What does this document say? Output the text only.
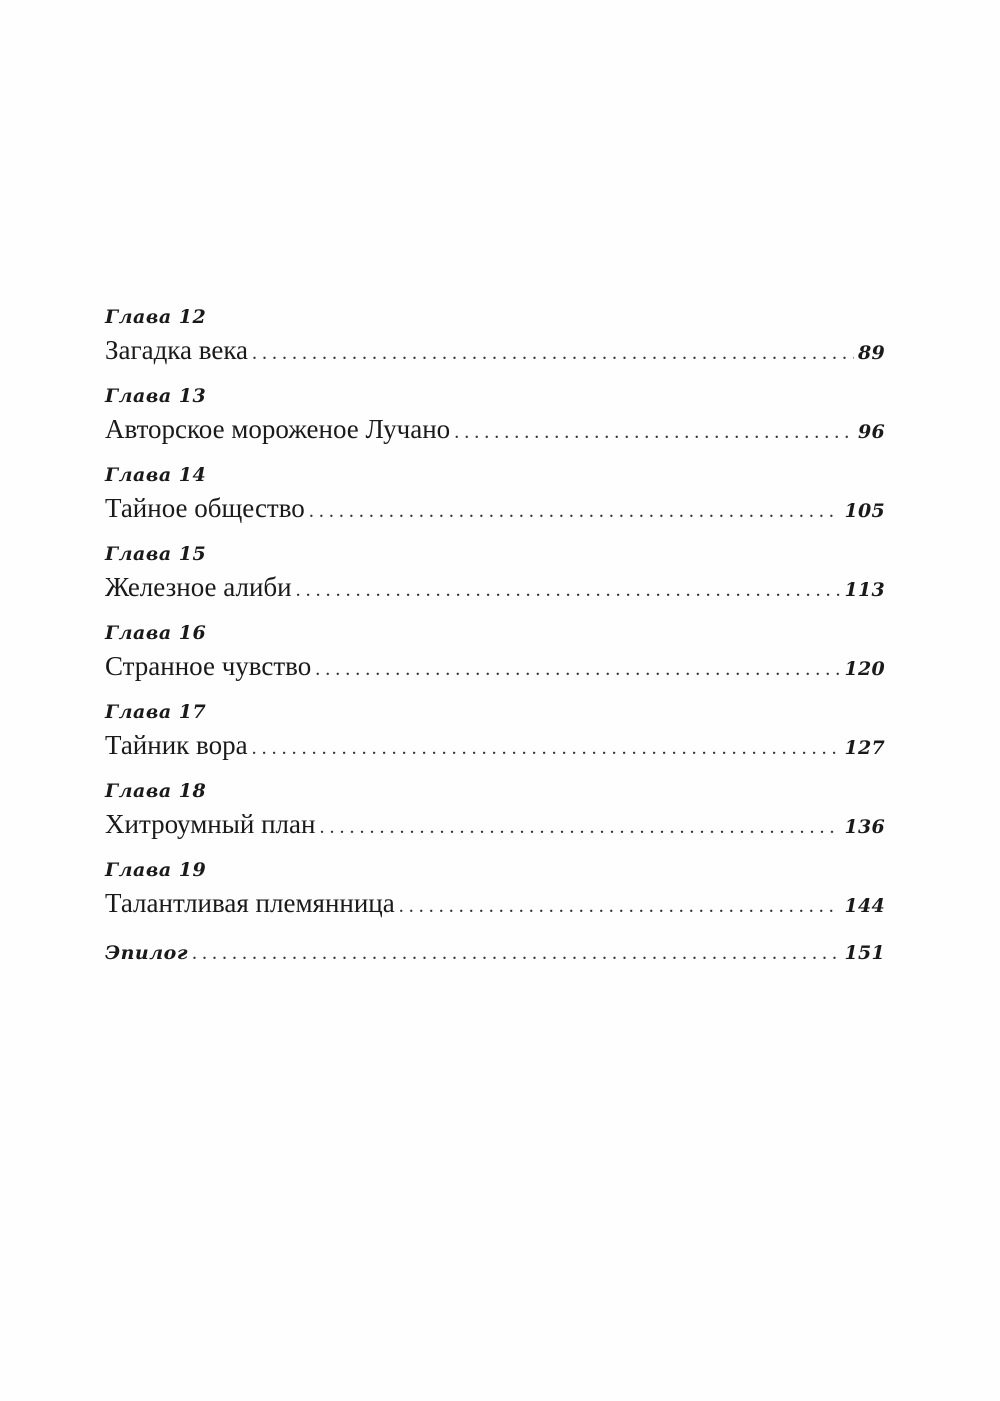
Глава 12
Загадка века . . .	89
Глава 13
Авторское мороженое Лучано . . .	96
Глава 14
Тайное общество . . .	105
Глава 15
Железное алиби . . .	113
Глава 16
Странное чувство . . .	120
Глава 17
Тайник вора . . .	127
Глава 18
Хитроумный план . . .	136
Глава 19
Талантливая племянница . . .	144
Эпилог . . .	151
